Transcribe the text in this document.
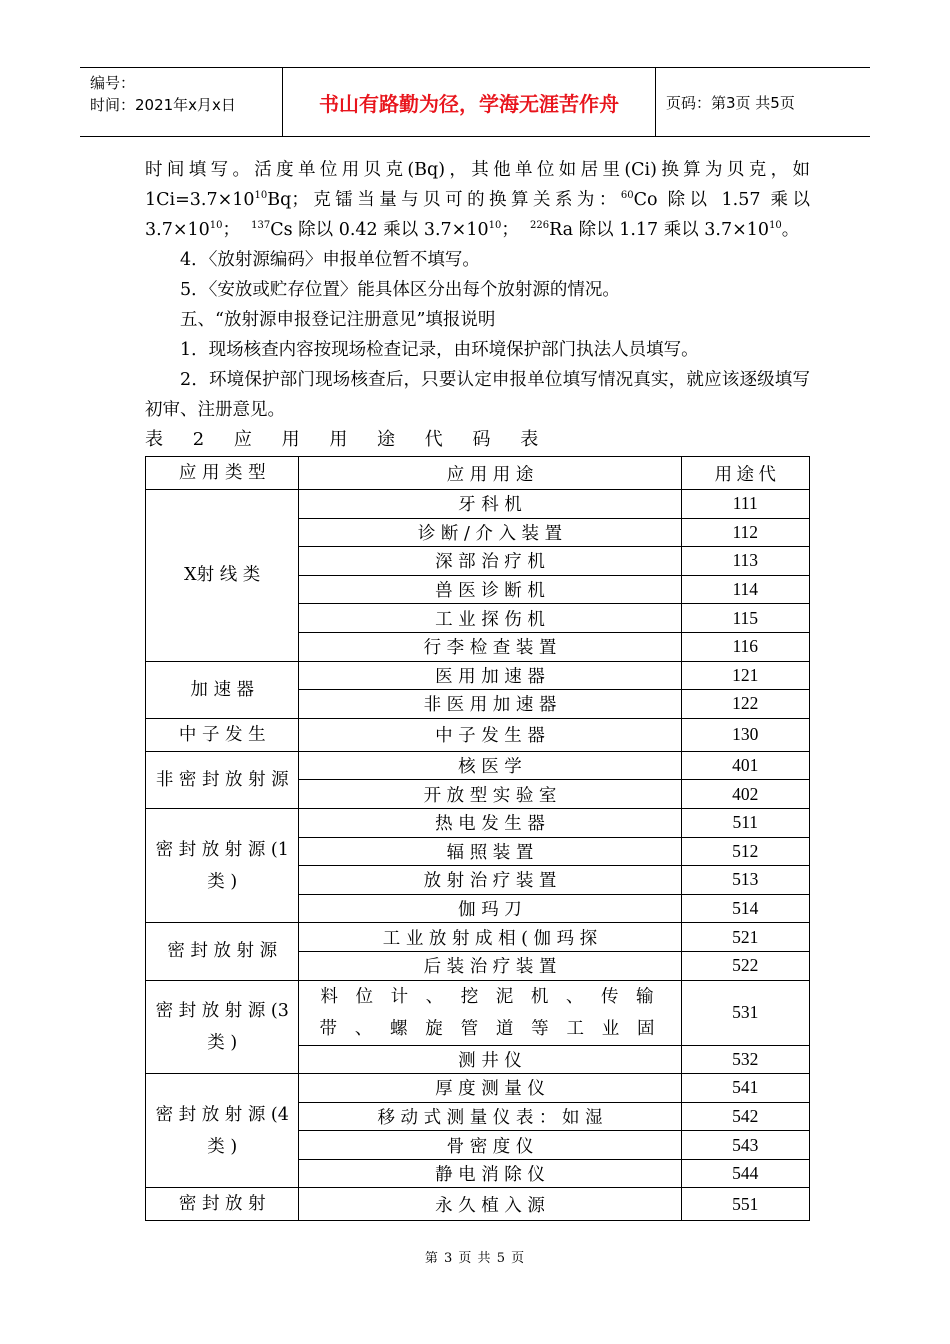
编号：
时间：2021年x月x日	书山有路勤为径，学海无涯苦作舟	页码：第3页 共5页

时间填写。活度单位用贝克(Bq)，其他单位如居里(Ci)换算为贝克，如

$1Ci=3.7\times 10^{10}Bq$；克镭当量与贝可的换算关系为：$^{60}$Co 除以 1.57 乘以

$3.7\times 10^{10}$； $^{137}$Cs 除以 0.42 乘以 $3.7\times 10^{10}$； $^{226}$Ra 除以 1.17 乘以 $3.7\times 10^{10}$。

4．〈放射源编码〉申报单位暂不填写。

5．〈安放或贮存位置〉能具体区分出每个放射源的情况。

五、“放射源申报登记注册意见”填报说明

1．现场核查内容按现场检查记录，由环境保护部门执法人员填写。

2．环境保护部门现场核查后，只要认定申报单位填写情况真实，就应该逐级填写初审、注册意见。

表 2 应 用 用 途 代 码 表
应 用 类 型	应 用 用 途	用 途 代
X射 线 类	牙 科 机	111
	诊 断 / 介 入 装 置	112
	深 部 治 疗 机	113
	兽 医 诊 断 机	114
	工 业 探 伤 机	115
	行 李 检 查 装 置	116
加 速 器	医 用 加 速 器	121
	非 医 用 加 速 器	122
中 子 发 生	中 子 发 生 器	130
非 密 封 放 射 源	核 医 学	401
	开 放 型 实 验 室	402
密 封 放 射 源 (1类 )	热 电 发 生 器	511
	辐 照 装 置	512
	放 射 治 疗 装 置	513
	伽 玛 刀	514
密 封 放 射 源	工 业 放 射 成 相 ( 伽 玛 探	521
	后 装 治 疗 装 置	522
密 封 放 射 源 (3类 )	料 位 计 、 挖 泥 机 、 传 输 带 、 螺 旋 管 道 等 工 业 固	531
	测 井 仪	532
密 封 放 射 源 (4类 )	厚 度 测 量 仪	541
	移 动 式 测 量 仪 表 ： 如 湿	542
	骨 密 度 仪	543
	静 电 消 除 仪	544
密 封 放 射	永 久 植 入 源	551
第 3 页 共 5 页
